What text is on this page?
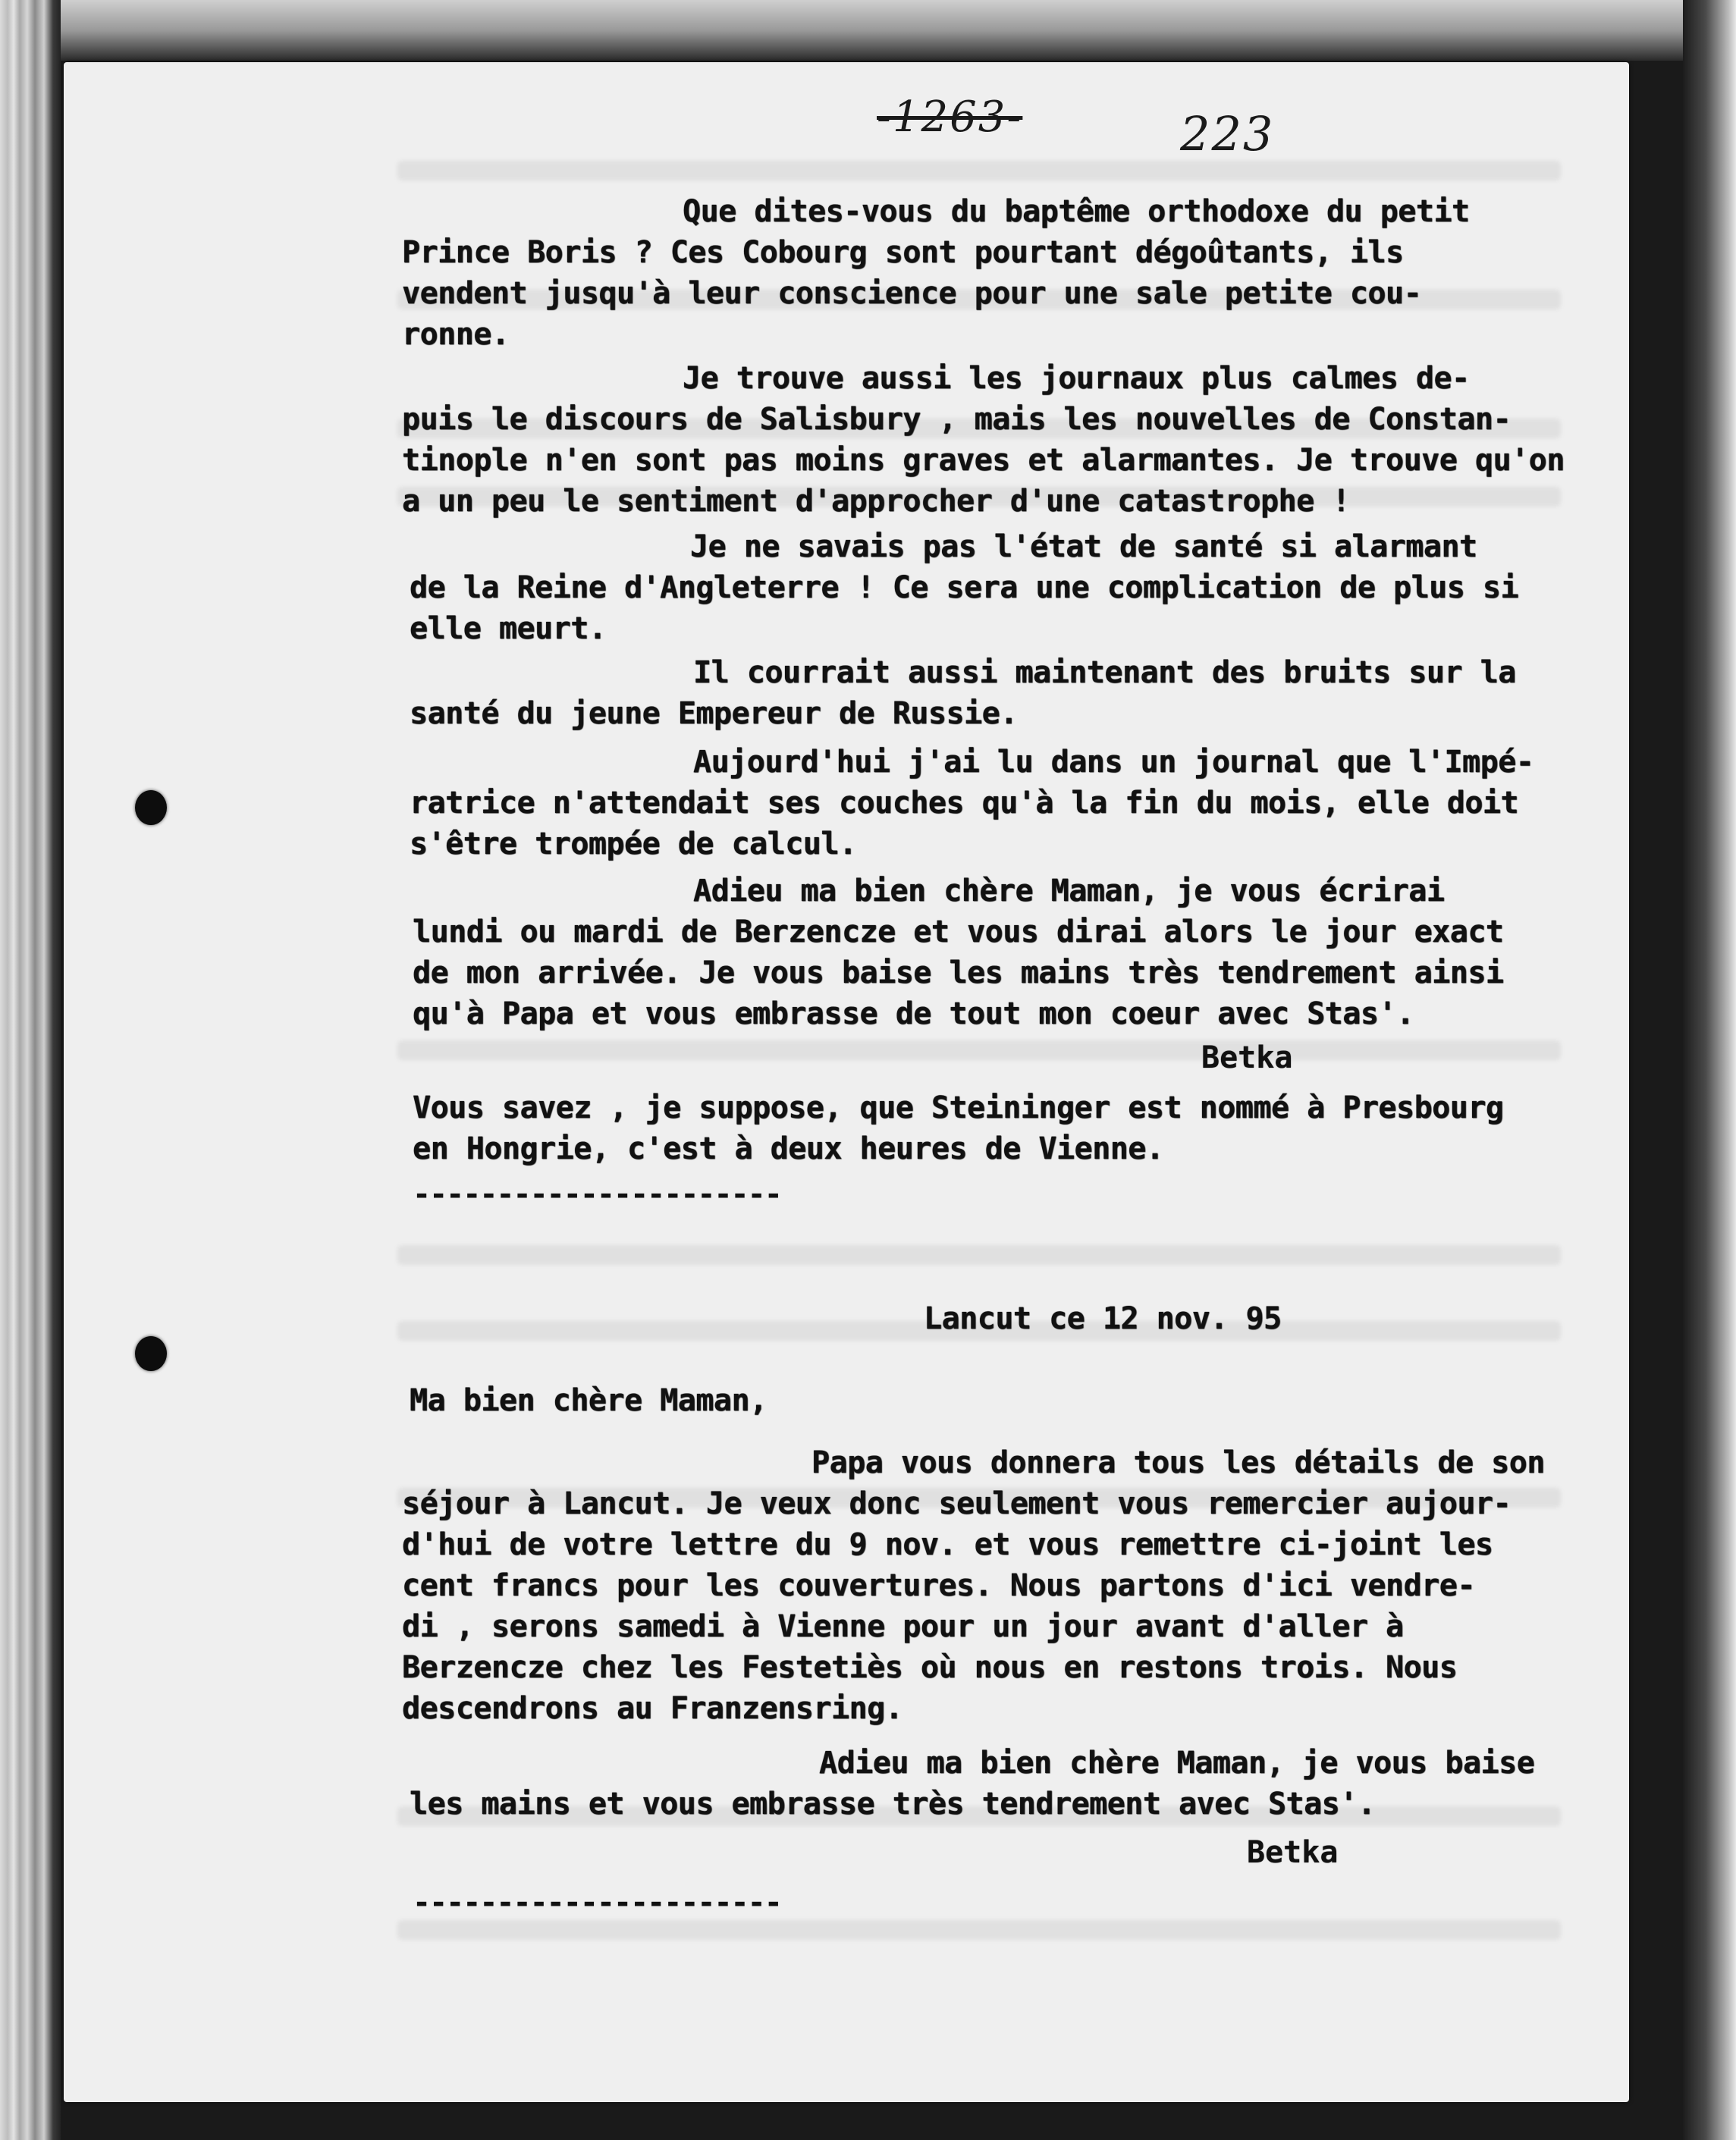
-1263-	223
Que dites-vous du baptême orthodoxe du petit
Prince Boris ? Ces Cobourg sont pourtant dégoûtants, ils
vendent jusqu'à leur conscience pour une sale petite cou-
ronne.
Je trouve aussi les journaux plus calmes de-
puis le discours de Salisbury , mais les nouvelles de Constan-
tinople n'en sont pas moins graves et alarmantes. Je trouve qu'on
a un peu le sentiment d'approcher d'une catastrophe !
Je ne savais pas l'état de santé si alarmant
de la Reine d'Angleterre ! Ce sera une complication de plus si
elle meurt.
Il courrait aussi maintenant des bruits sur la
santé du jeune Empereur de Russie.
Aujourd'hui j'ai lu dans un journal que l'Impé-
ratrice n'attendait ses couches qu'à la fin du mois, elle doit
s'être trompée de calcul.
Adieu ma bien chère Maman, je vous écrirai
lundi ou mardi de Berzencze et vous dirai alors le jour exact
de mon arrivée. Je vous baise les mains très tendrement ainsi
qu'à Papa et vous embrasse de tout mon coeur avec Stas'.
Betka
Vous savez , je suppose, que Steininger est nommé à Presbourg
en Hongrie, c'est à deux heures de Vienne.
----------------------
Lancut ce 12 nov. 95
Ma bien chère Maman,
Papa vous donnera tous les détails de son
séjour à Lancut. Je veux donc seulement vous remercier aujour-
d'hui de votre lettre du 9 nov. et vous remettre ci-joint les
cent francs pour les couvertures. Nous partons d'ici vendre-
di , serons samedi à Vienne pour un jour avant d'aller à
Berzencze chez les Festetiès où nous en restons trois. Nous
descendrons au Franzensring.
Adieu ma bien chère Maman, je vous baise
les mains et vous embrasse très tendrement avec Stas'.
Betka
----------------------
